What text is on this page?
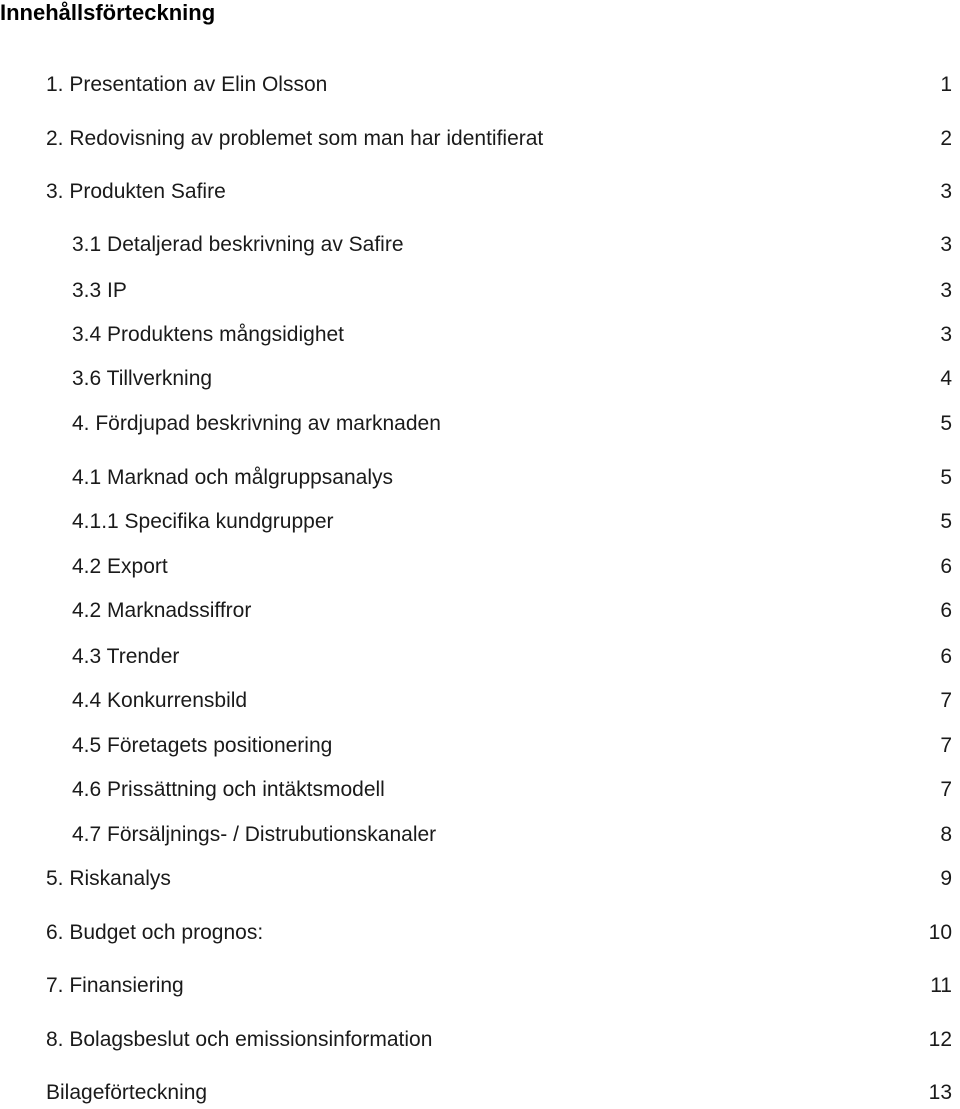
Innehållsförteckning
1. Presentation av Elin Olsson	1
2. Redovisning av problemet som man har identifierat	2
3. Produkten Safire	3
3.1 Detaljerad beskrivning av Safire	3
3.3 IP	3
3.4 Produktens mångsidighet	3
3.6 Tillverkning	4
4. Fördjupad beskrivning av marknaden	5
4.1 Marknad och målgruppsanalys	5
4.1.1 Specifika kundgrupper	5
4.2 Export	6
4.2 Marknadssiffror	6
4.3 Trender	6
4.4 Konkurrensbild	7
4.5 Företagets positionering	7
4.6 Prissättning och intäktsmodell	7
4.7 Försäljnings- / Distrubutionskanaler	8
5. Riskanalys	9
6. Budget och prognos:	10
7. Finansiering	11
8. Bolagsbeslut och emissionsinformation	12
Bilageförteckning	13
